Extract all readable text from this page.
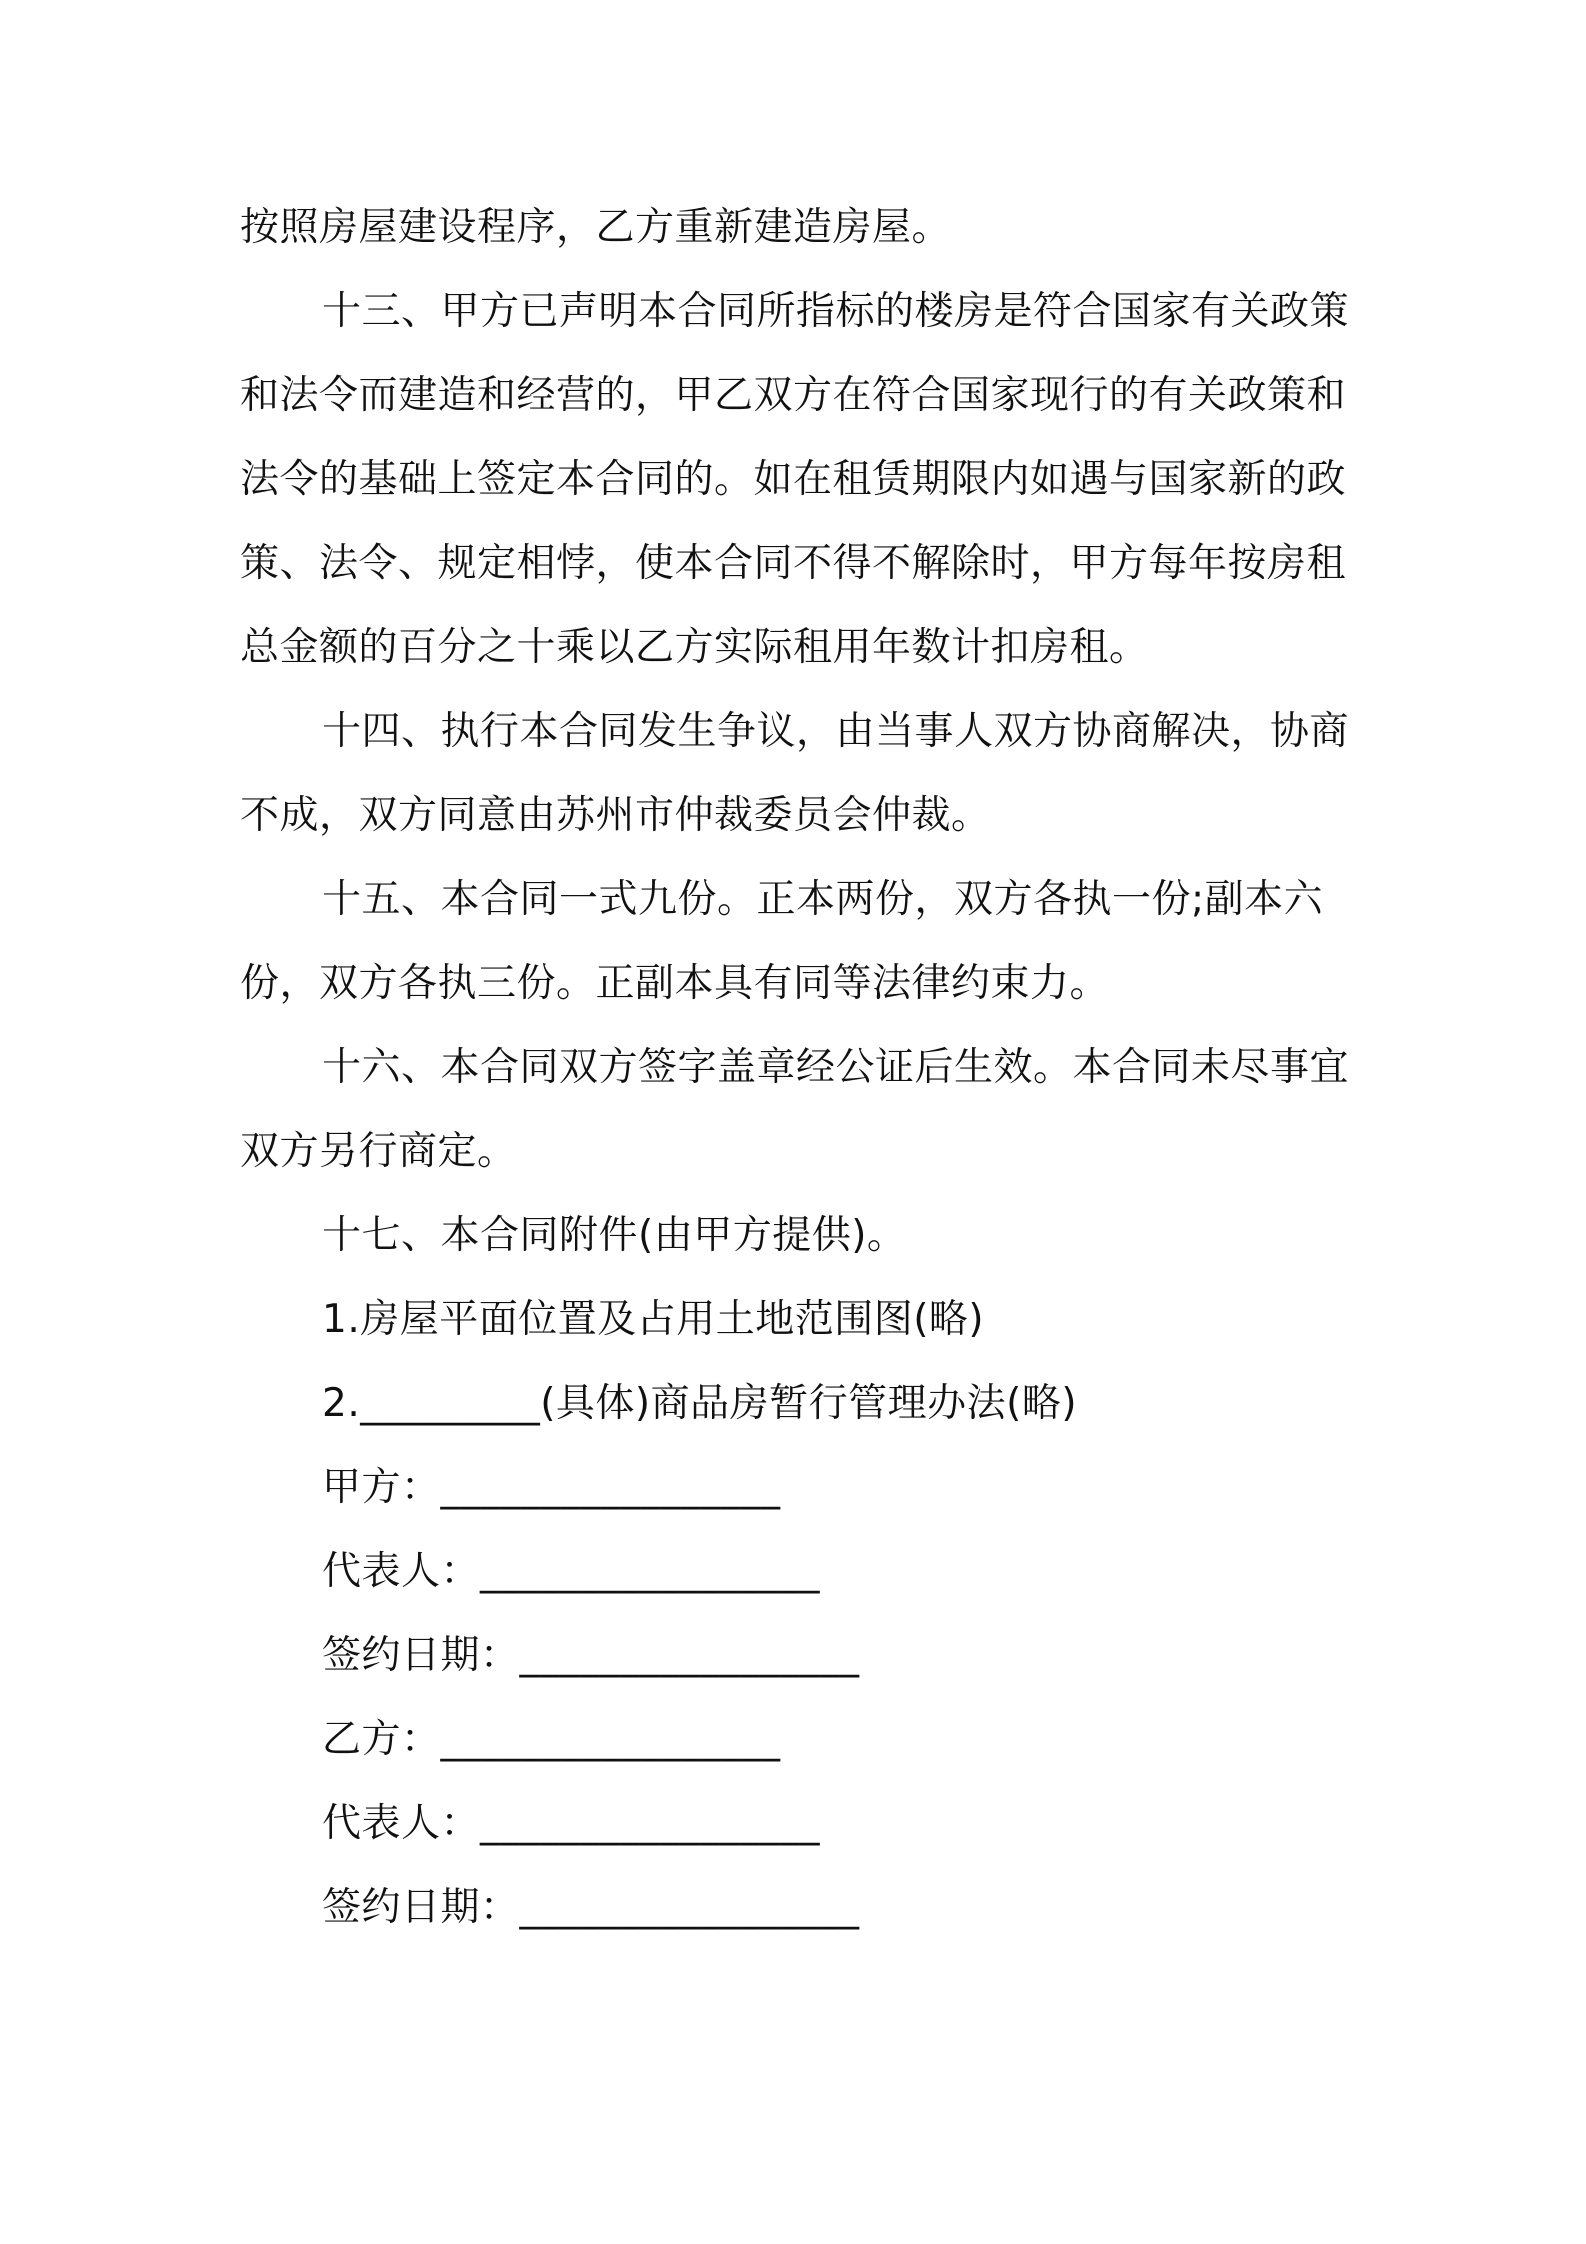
按照房屋建设程序，乙方重新建造房屋。
十三、甲方已声明本合同所指标的楼房是符合国家有关政策
和法令而建造和经营的，甲乙双方在符合国家现行的有关政策和
法令的基础上签定本合同的。如在租赁期限内如遇与国家新的政
策、法令、规定相悖，使本合同不得不解除时，甲方每年按房租
总金额的百分之十乘以乙方实际租用年数计扣房租。
十四、执行本合同发生争议，由当事人双方协商解决，协商
不成，双方同意由苏州市仲裁委员会仲裁。
十五、本合同一式九份。正本两份，双方各执一份;副本六
份，双方各执三份。正副本具有同等法律约束力。
十六、本合同双方签字盖章经公证后生效。本合同未尽事宜
双方另行商定。
十七、本合同附件(由甲方提供)。
1.房屋平面位置及占用土地范围图(略)
2._________(具体)商品房暂行管理办法(略)
甲方：_________________
代表人：_________________
签约日期：_________________
乙方：_________________
代表人：_________________
签约日期：_________________
